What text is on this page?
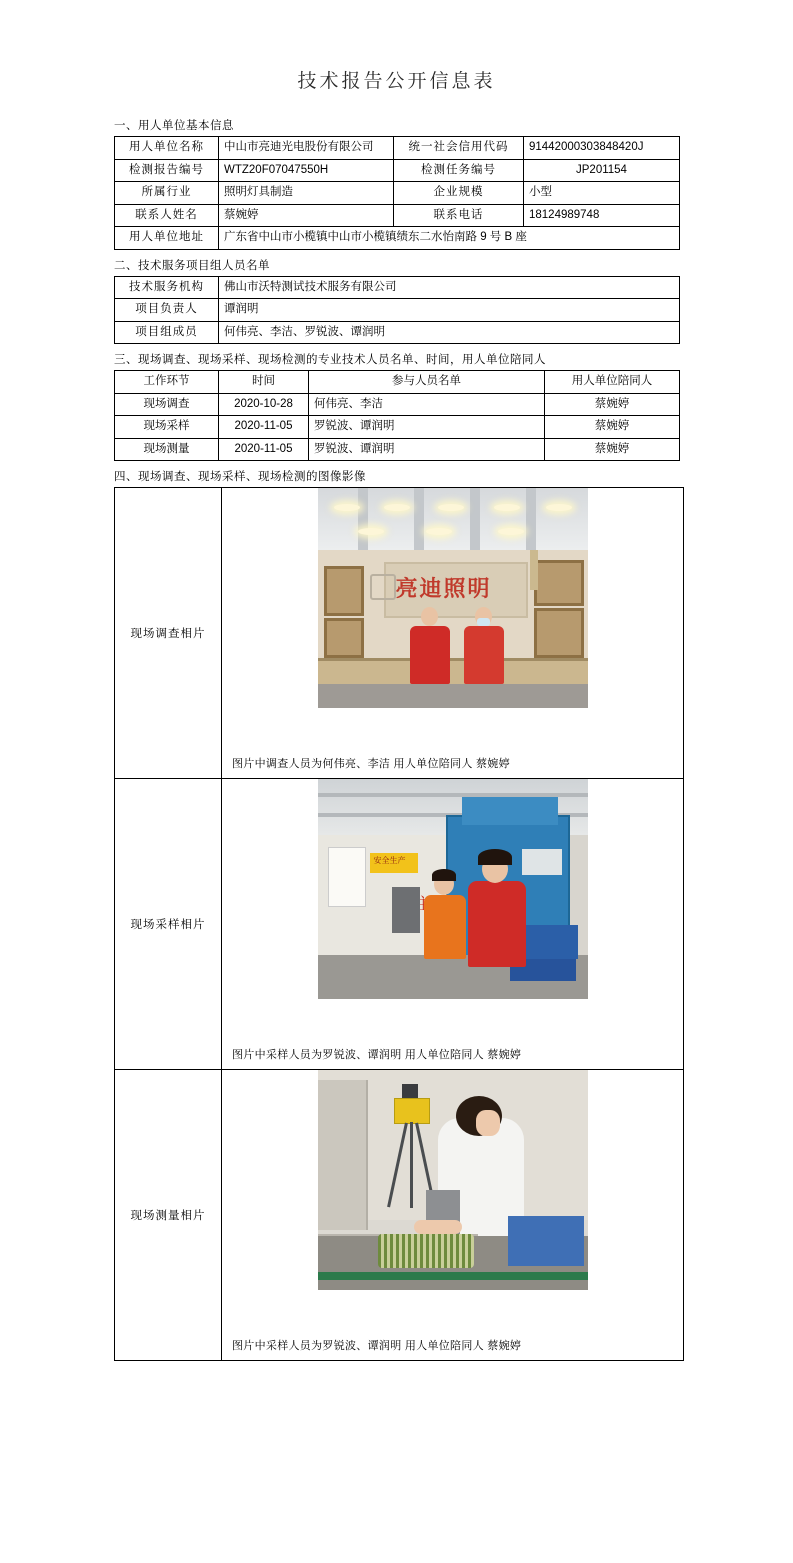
技术报告公开信息表
一、用人单位基本信息
用人单位名称	中山市亮迪光电股份有限公司	统一社会信用代码	91442000303848420J
检测报告编号	WTZ20F07047550H	检测任务编号	JP201154
所属行业	照明灯具制造	企业规模	小型
联系人姓名	蔡婉婷	联系电话	18124989748
用人单位地址	广东省中山市小榄镇中山市小榄镇绩东二水怡南路 9 号 B 座		
二、技术服务项目组人员名单
技术服务机构	佛山市沃特测试技术服务有限公司
项目负责人	谭润明
项目组成员	何伟亮、李洁、罗锐波、谭润明
三、现场调查、现场采样、现场检测的专业技术人员名单、时间，用人单位陪同人
工作环节	时间	参与人员名单	用人单位陪同人
现场调查	2020-10-28	何伟亮、李洁	蔡婉婷
现场采样	2020-11-05	罗锐波、谭润明	蔡婉婷
现场测量	2020-11-05	罗锐波、谭润明	蔡婉婷
四、现场调查、现场采样、现场检测的图像影像
现场调查相片	亮迪照明
图片中调查人员为何伟亮、李洁 用人单位陪同人 蔡婉婷

现场采样相片	安全生产
图片中采样人员为罗锐波、谭润明 用人单位陪同人 蔡婉婷

现场测量相片	图片中采样人员为罗锐波、谭润明 用人单位陪同人 蔡婉婷
